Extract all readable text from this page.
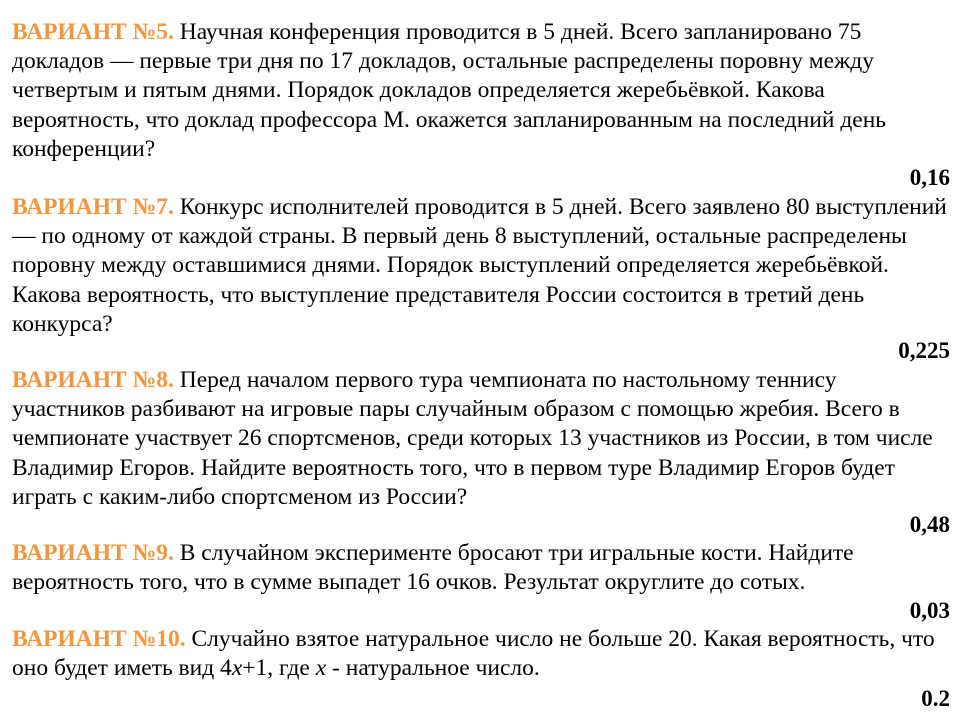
ВАРИАНТ №5. Научная конференция проводится в 5 дней. Всего запланировано 75 докладов — первые три дня по 17 докладов, остальные распределены поровну между четвертым и пятым днями. Порядок докладов определяется жеребьёвкой. Какова вероятность, что доклад профессора М. окажется запланированным на последний день конференции?

0,16

ВАРИАНТ №7. Конкурс исполнителей проводится в 5 дней. Всего заявлено 80 выступлений — по одному от каждой страны. В первый день 8 выступлений, остальные распределены поровну между оставшимися днями. Порядок выступлений определяется жеребьёвкой. Какова вероятность, что выступление представителя России состоится в третий день конкурса?

0,225

ВАРИАНТ №8. Перед началом первого тура чемпионата по настольному теннису участников разбивают на игровые пары случайным образом с помощью жребия. Всего в чемпионате участвует 26 спортсменов, среди которых 13 участников из России, в том числе Владимир Егоров. Найдите вероятность того, что в первом туре Владимир Егоров будет играть с каким-либо спортсменом из России?

0,48

ВАРИАНТ №9. В случайном эксперименте бросают три игральные кости. Найдите вероятность того, что в сумме выпадет 16 очков. Результат округлите до сотых.

0,03

ВАРИАНТ №10. Случайно взятое натуральное число не больше 20. Какая вероятность, что оно будет иметь вид 4x+1, где x - натуральное число.

0.2
